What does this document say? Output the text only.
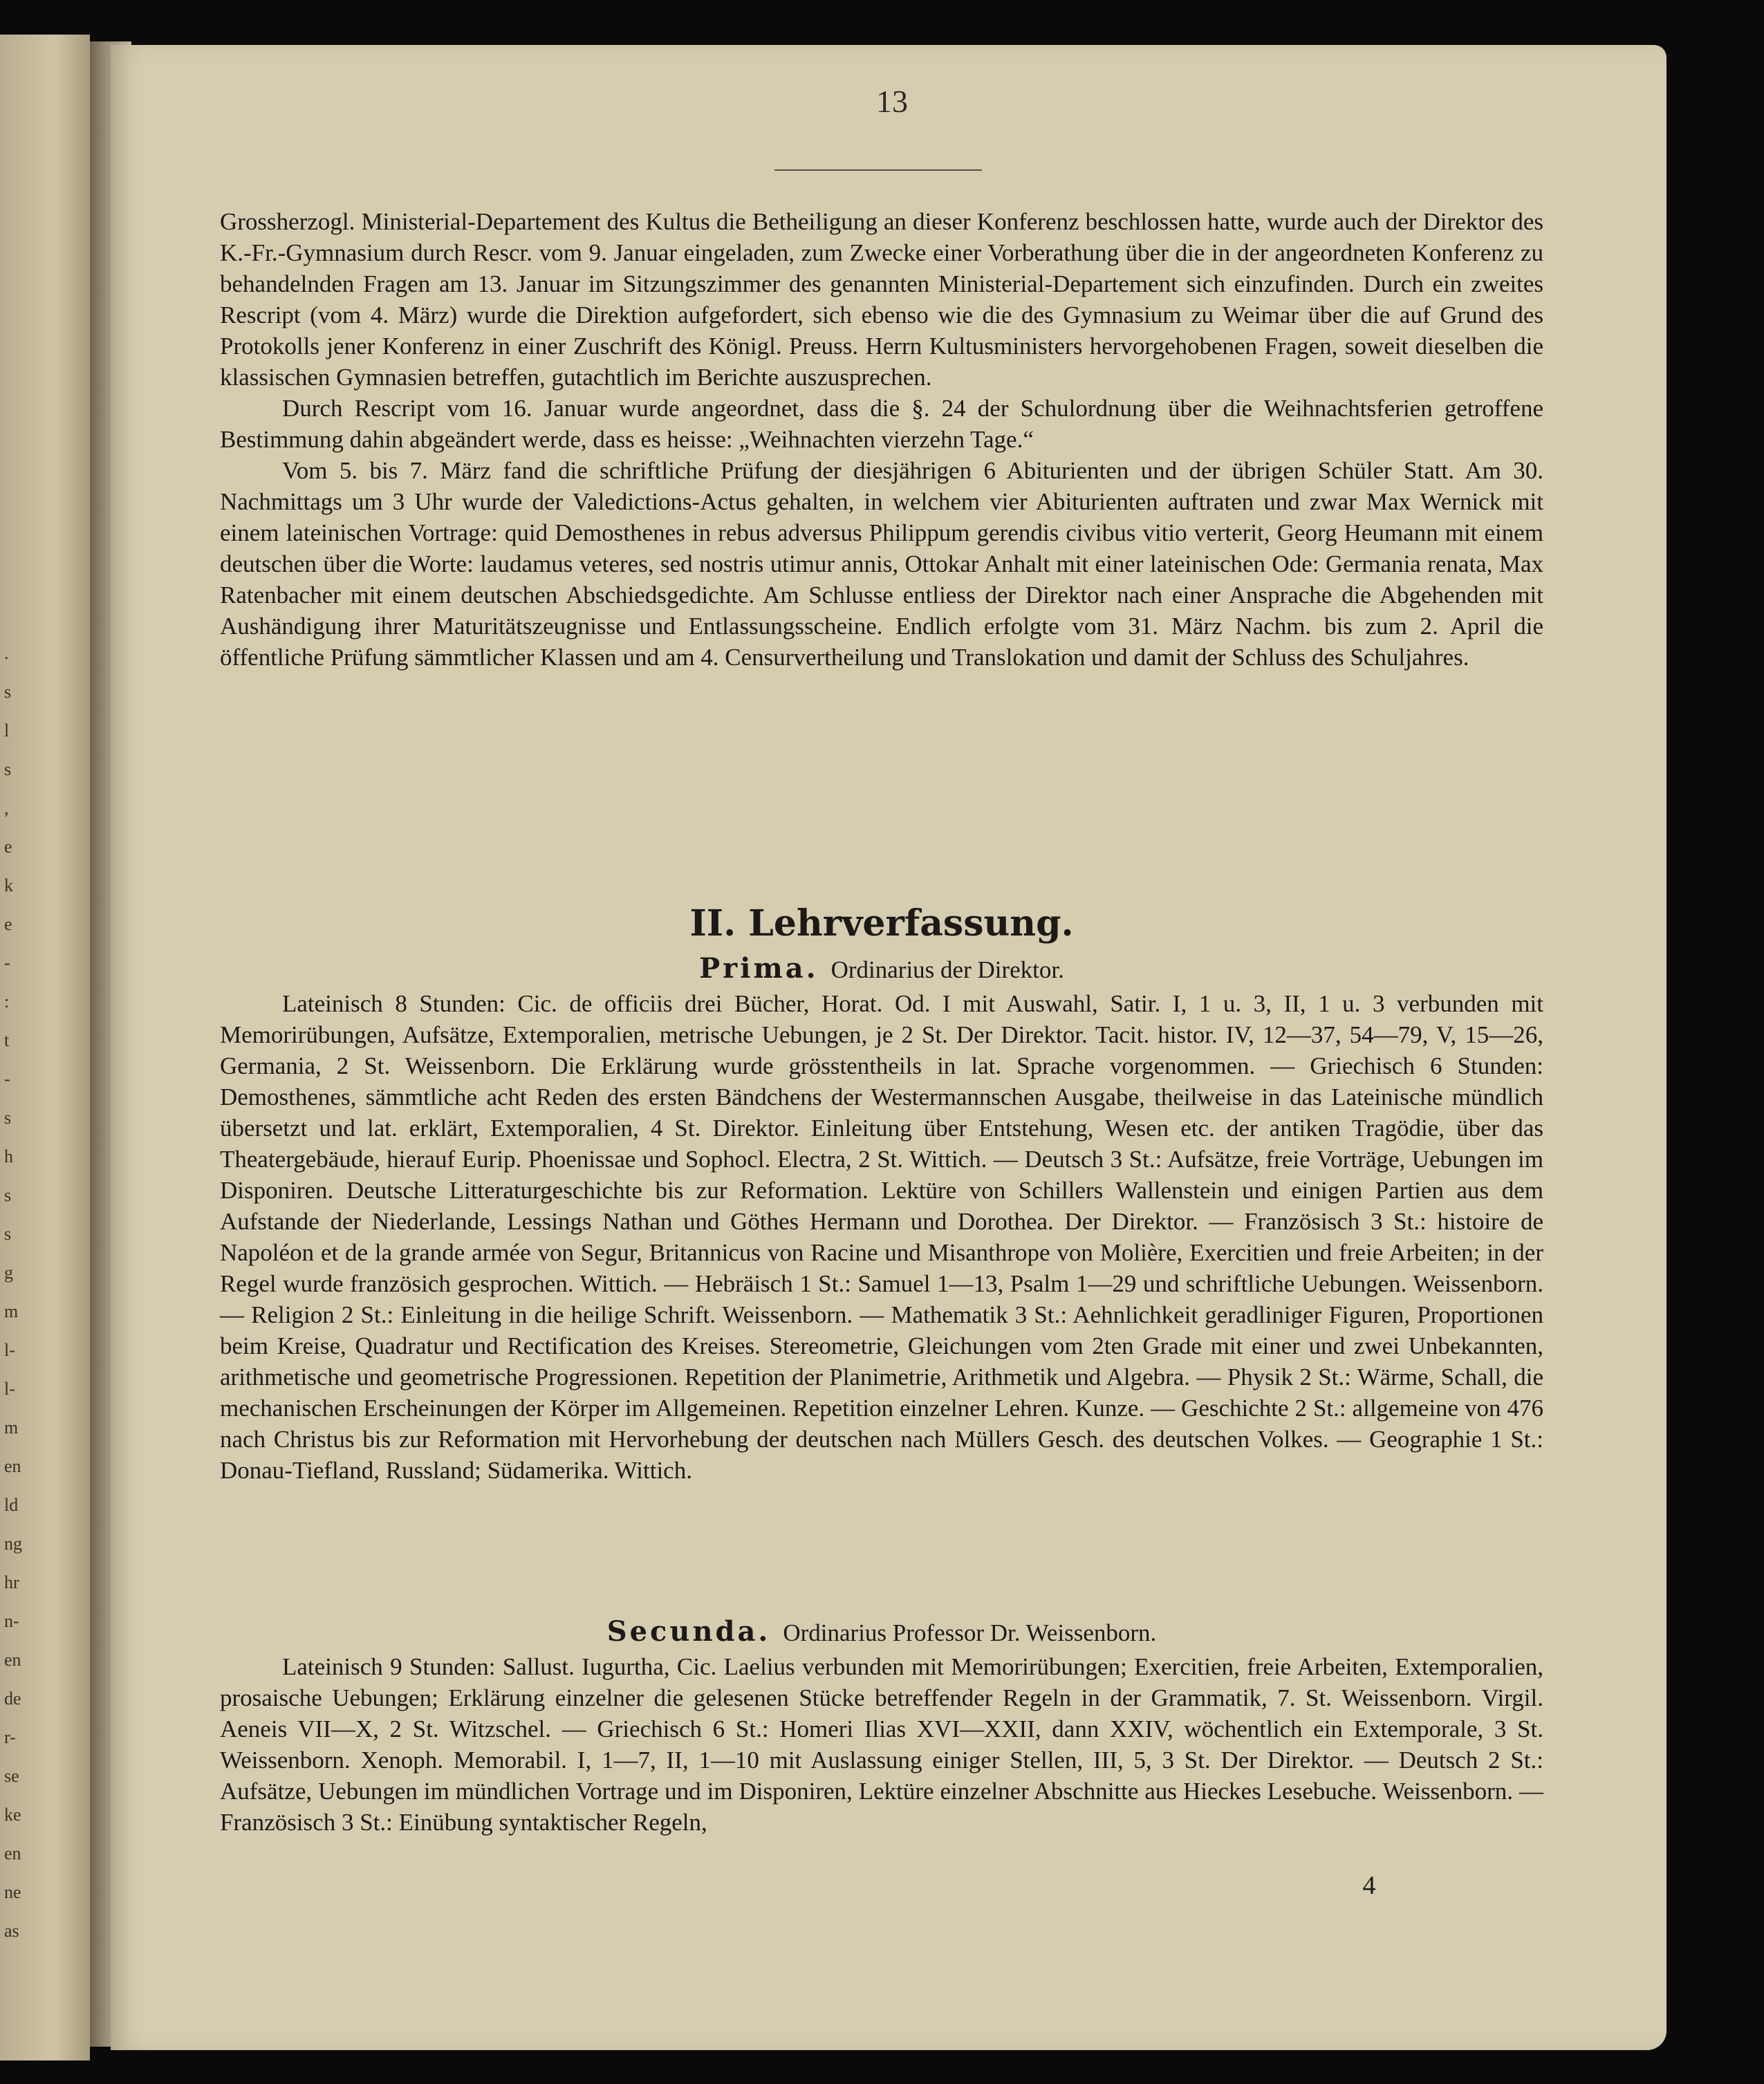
.
s
l
s
,
e
k
e
-
:
t
-
s
h
s
s
g
m
l-
l-
m
en
ld
ng
hr
n-
en
de
r-
se
ke
en
ne
as
13

Grossherzogl. Ministerial-Departement des Kultus die Betheiligung an dieser Konferenz beschlossen hatte, wurde auch der Direktor des K.-Fr.-Gymnasium durch Rescr. vom 9. Januar eingeladen, zum Zwecke einer Vorberathung über die in der angeordneten Konferenz zu behandelnden Fragen am 13. Januar im Sitzungszimmer des genannten Ministerial-Departement sich einzufinden. Durch ein zweites Rescript (vom 4. März) wurde die Direktion aufgefordert, sich ebenso wie die des Gymnasium zu Weimar über die auf Grund des Protokolls jener Konferenz in einer Zuschrift des Königl. Preuss. Herrn Kultusministers hervorgehobenen Fragen, soweit dieselben die klassischen Gymnasien betreffen, gutachtlich im Berichte auszusprechen.

Durch Rescript vom 16. Januar wurde angeordnet, dass die §. 24 der Schulordnung über die Weihnachtsferien getroffene Bestimmung dahin abgeändert werde, dass es heisse: „Weihnachten vierzehn Tage.“

Vom 5. bis 7. März fand die schriftliche Prüfung der diesjährigen 6 Abiturienten und der übrigen Schüler Statt. Am 30. Nachmittags um 3 Uhr wurde der Valedictions-Actus gehalten, in welchem vier Abiturienten auftraten und zwar Max Wernick mit einem lateinischen Vortrage: quid Demosthenes in rebus adversus Philippum gerendis civibus vitio verterit, Georg Heumann mit einem deutschen über die Worte: laudamus veteres, sed nostris utimur annis, Ottokar Anhalt mit einer lateinischen Ode: Germania renata, Max Ratenbacher mit einem deutschen Abschiedsgedichte. Am Schlusse entliess der Direktor nach einer Ansprache die Abgehenden mit Aushändigung ihrer Maturitätszeugnisse und Entlassungsscheine. Endlich erfolgte vom 31. März Nachm. bis zum 2. April die öffentliche Prüfung sämmtlicher Klassen und am 4. Censurvertheilung und Translokation und damit der Schluss des Schuljahres.

II. Lehrverfassung.
Prima. Ordinarius der Direktor.

Lateinisch 8 Stunden: Cic. de officiis drei Bücher, Horat. Od. I mit Auswahl, Satir. I, 1 u. 3, II, 1 u. 3 verbunden mit Memorirübungen, Aufsätze, Extemporalien, metrische Uebungen, je 2 St. Der Direktor. Tacit. histor. IV, 12—37, 54—79, V, 15—26, Germania, 2 St. Weissenborn. Die Erklärung wurde grösstentheils in lat. Sprache vorgenommen. — Griechisch 6 Stunden: Demosthenes, sämmtliche acht Reden des ersten Bändchens der Westermannschen Ausgabe, theilweise in das Lateinische mündlich übersetzt und lat. erklärt, Extemporalien, 4 St. Direktor. Einleitung über Entstehung, Wesen etc. der antiken Tragödie, über das Theatergebäude, hierauf Eurip. Phoenissae und Sophocl. Electra, 2 St. Wittich. — Deutsch 3 St.: Aufsätze, freie Vorträge, Uebungen im Disponiren. Deutsche Litteraturgeschichte bis zur Reformation. Lektüre von Schillers Wallenstein und einigen Partien aus dem Aufstande der Niederlande, Lessings Nathan und Göthes Hermann und Dorothea. Der Direktor. — Französisch 3 St.: histoire de Napoléon et de la grande armée von Segur, Britannicus von Racine und Misanthrope von Molière, Exercitien und freie Arbeiten; in der Regel wurde französich gesprochen. Wittich. — Hebräisch 1 St.: Samuel 1—13, Psalm 1—29 und schriftliche Uebungen. Weissenborn. — Religion 2 St.: Einleitung in die heilige Schrift. Weissenborn. — Mathematik 3 St.: Aehnlichkeit geradliniger Figuren, Proportionen beim Kreise, Quadratur und Rectification des Kreises. Stereometrie, Gleichungen vom 2ten Grade mit einer und zwei Unbekannten, arithmetische und geometrische Progressionen. Repetition der Planimetrie, Arithmetik und Algebra. — Physik 2 St.: Wärme, Schall, die mechanischen Erscheinungen der Körper im Allgemeinen. Repetition einzelner Lehren. Kunze. — Geschichte 2 St.: allgemeine von 476 nach Christus bis zur Reformation mit Hervorhebung der deutschen nach Müllers Gesch. des deutschen Volkes. — Geographie 1 St.: Donau-Tiefland, Russland; Südamerika. Wittich.

Secunda. Ordinarius Professor Dr. Weissenborn.

Lateinisch 9 Stunden: Sallust. Iugurtha, Cic. Laelius verbunden mit Memorirübungen; Exercitien, freie Arbeiten, Extemporalien, prosaische Uebungen; Erklärung einzelner die gelesenen Stücke betreffender Regeln in der Grammatik, 7. St. Weissenborn. Virgil. Aeneis VII—X, 2 St. Witzschel. — Griechisch 6 St.: Homeri Ilias XVI—XXII, dann XXIV, wöchentlich ein Extemporale, 3 St. Weissenborn. Xenoph. Memorabil. I, 1—7, II, 1—10 mit Auslassung einiger Stellen, III, 5, 3 St. Der Direktor. — Deutsch 2 St.: Aufsätze, Uebungen im mündlichen Vortrage und im Disponiren, Lektüre einzelner Abschnitte aus Hieckes Lesebuche. Weissenborn. — Französisch 3 St.: Einübung syntaktischer Regeln,

4
